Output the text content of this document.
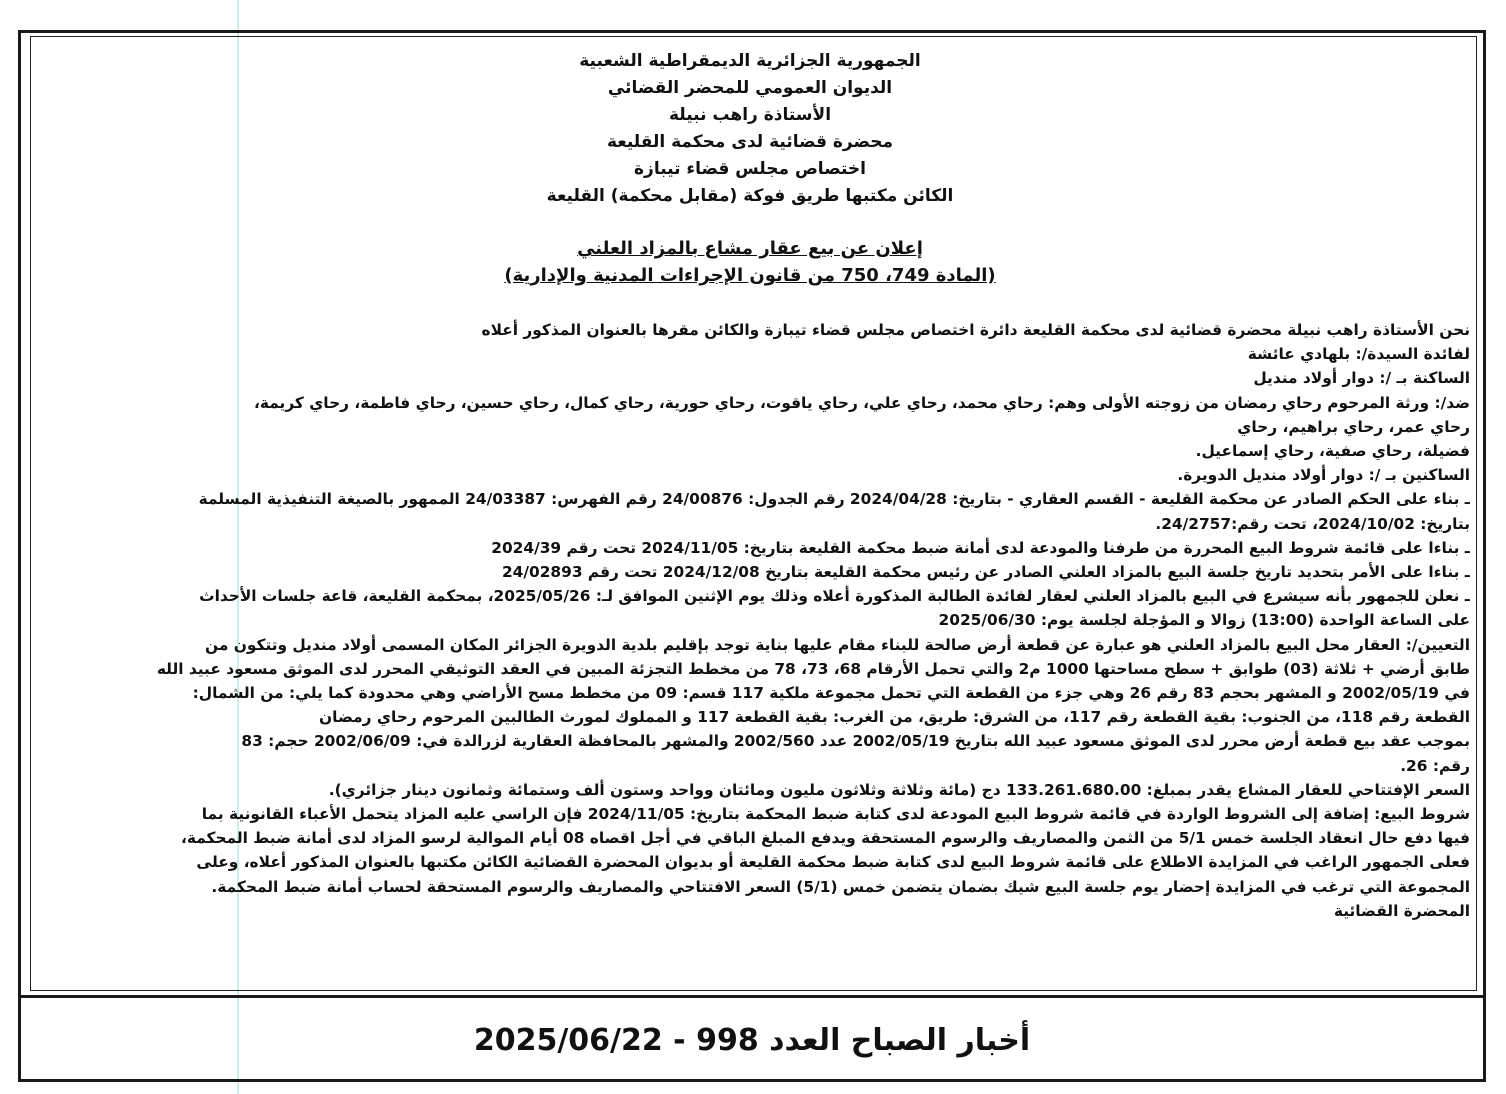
الجمهورية الجزائرية الديمقراطية الشعبية
الديوان العمومي للمحضر القضائي
الأستاذة راهب نبيلة
محضرة قضائية لدى محكمة القليعة
اختصاص مجلس قضاء تيبازة
الكائن مكتبها طريق فوكة (مقابل محكمة) القليعة
إعلان عن بيع عقار مشاع بالمزاد العلني
(المادة 749، 750 من قانون الإجراءات المدنية والإدارية)
نحن الأستاذة راهب نبيلة محضرة قضائية لدى محكمة القليعة دائرة اختصاص مجلس قضاء تيبازة والكائن مقرها بالعنوان المذكور أعلاه
لفائدة السيدة/: بلهادي عائشة
الساكنة بـ /: دوار أولاد منديل
ضد/: ورثة المرحوم رحاي رمضان من زوجته الأولى وهم: رحاي محمد، رحاي علي، رحاي ياقوت، رحاي حورية، رحاي كمال، رحاي حسين، رحاي فاطمة، رحاي كريمة،
رحاي عمر، رحاي براهيم، رحاي
فضيلة، رحاي صفية، رحاي إسماعيل.
الساكنين بـ /: دوار أولاد منديل الدويرة.
ـ بناء على الحكم الصادر عن محكمة القليعة - القسم العقاري - بتاريخ: 2024/04/28 رقم الجدول: 24/00876 رقم الفهرس: 24/03387 الممهور بالصيغة التنفيذية المسلمة
بتاريخ: 2024/10/02، تحت رقم:24/2757.
ـ بناءا على قائمة شروط البيع المحررة من طرفنا والمودعة لدى أمانة ضبط محكمة القليعة بتاريخ: 2024/11/05 تحت رقم 2024/39
ـ بناءا على الأمر بتحديد تاريخ جلسة البيع بالمزاد العلني الصادر عن رئيس محكمة القليعة بتاريخ 2024/12/08 تحت رقم 24/02893
ـ نعلن للجمهور بأنه سيشرع في البيع بالمزاد العلني لعقار لفائدة الطالبة المذكورة أعلاه وذلك يوم الإثنين الموافق لـ: 2025/05/26، بمحكمة القليعة، قاعة جلسات الأحداث
على الساعة الواحدة (13:00) زوالا و المؤجلة لجلسة يوم: 2025/06/30
التعيين/: العقار محل البيع بالمزاد العلني هو عبارة عن قطعة أرض صالحة للبناء مقام عليها بناية توجد بإقليم بلدية الدويرة الجزائر المكان المسمى أولاد منديل وتتكون من
طابق أرضي + ثلاثة (03) طوابق + سطح مساحتها 1000 م2 والتي تحمل الأرقام 68، 73، 78 من مخطط التجزئة المبين في العقد التوثيقي المحرر لدى الموثق مسعود عبيد الله
في 2002/05/19 و المشهر بحجم 83 رقم 26 وهي جزء من القطعة التي تحمل مجموعة ملكية 117 قسم: 09 من مخطط مسح الأراضي وهي محدودة كما يلي: من الشمال:
القطعة رقم 118، من الجنوب: بقية القطعة رقم 117، من الشرق: طريق، من الغرب: بقية القطعة 117 و المملوك لمورث الطالبين المرحوم رحاي رمضان
بموجب عقد بيع قطعة أرض محرر لدى الموثق مسعود عبيد الله بتاريخ 2002/05/19 عدد 2002/560 والمشهر بالمحافظة العقارية لزرالدة في: 2002/06/09 حجم: 83
رقم: 26.
السعر الإفتتاحي للعقار المشاع يقدر بمبلغ: 133.261.680.00 دج (مائة وثلاثة وثلاثون مليون ومائتان وواحد وستون ألف وستمائة وثمانون دينار جزائري).
شروط البيع: إضافة إلى الشروط الواردة في قائمة شروط البيع المودعة لدى كتابة ضبط المحكمة بتاريخ: 2024/11/05 فإن الراسي عليه المزاد يتحمل الأعباء القانونية بما
فيها دفع حال انعقاد الجلسة خمس 5/1 من الثمن والمصاريف والرسوم المستحقة ويدفع المبلغ الباقي في أجل اقصاه 08 أيام الموالية لرسو المزاد لدى أمانة ضبط المحكمة،
فعلى الجمهور الراغب في المزايدة الاطلاع على قائمة شروط البيع لدى كتابة ضبط محكمة القليعة أو بديوان المحضرة القضائية الكائن مكتبها بالعنوان المذكور أعلاه، وعلى
المجموعة التي ترغب في المزايدة إحضار يوم جلسة البيع شيك بضمان يتضمن خمس (5/1) السعر الافتتاحي والمصاريف والرسوم المستحقة لحساب أمانة ضبط المحكمة.
المحضرة القضائية
أخبار الصباح العدد 998 - 2025/06/22
